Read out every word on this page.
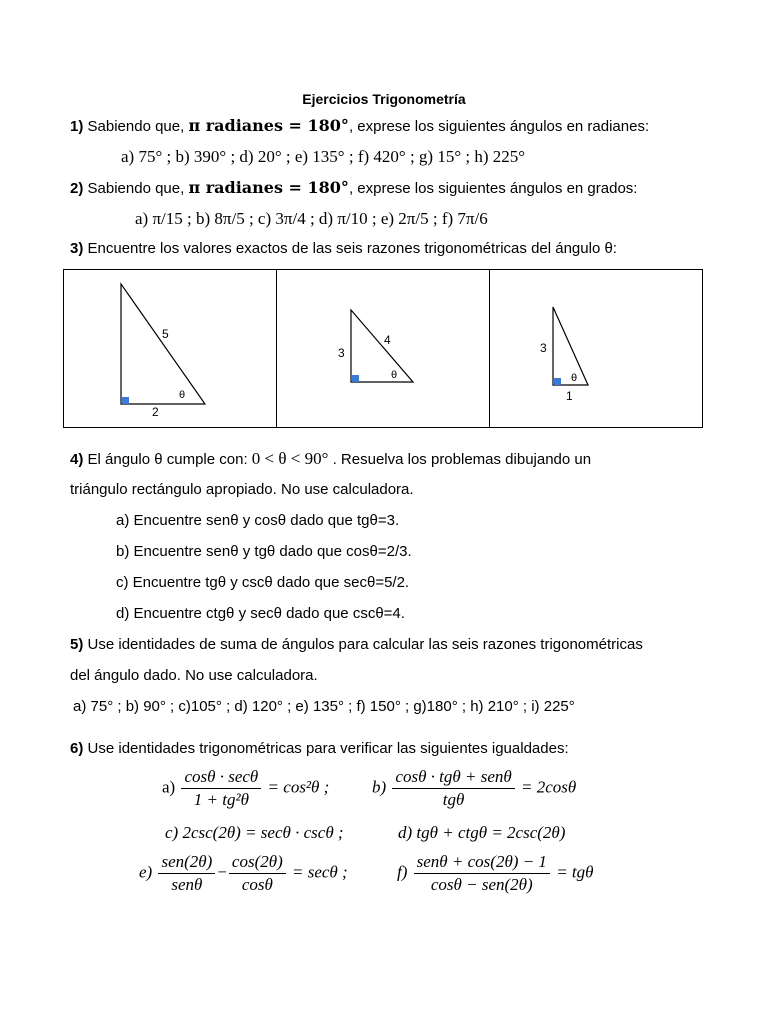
Ejercicios Trigonometría
1) Sabiendo que, π radianes = 180°, exprese los siguientes ángulos en radianes:
a) 75° ; b) 390° ; d) 20° ; e) 135° ; f) 420° ; g) 15° ; h) 225°
2) Sabiendo que, π radianes = 180°, exprese los siguientes ángulos en grados:
a) π/15 ; b) 8π/5 ; c) 3π/4 ; d) π/10 ; e) 2π/5 ; f) 7π/6
3) Encuentre los valores exactos de las seis razones trigonométricas del ángulo θ:
5
2
θ

4
3
θ

3
1
θ
4) El ángulo θ cumple con: 0 < θ < 90° . Resuelva los problemas dibujando un
triángulo rectángulo apropiado. No use calculadora.
a) Encuentre senθ y cosθ dado que tgθ=3.
b) Encuentre senθ y tgθ dado que cosθ=2/3.
c) Encuentre tgθ y cscθ dado que secθ=5/2.
d) Encuentre ctgθ y secθ dado que cscθ=4.
5) Use identidades de suma de ángulos para calcular las seis razones trigonométricas
del ángulo dado. No use calculadora.
a) 75° ; b) 90° ; c)105° ; d) 120° ; e) 135° ; f) 150° ; g)180° ; h) 210° ; i) 225°
6) Use identidades trigonométricas para verificar las siguientes igualdades:
$a) \frac{\cos\theta \cdot \sec\theta}{\text{1 + tg²θ}} = \cos^2\theta$ ;	$b) \frac{\text{cosθ · tgθ + senθ}}{\text{tgθ}} = 2\cos\theta$
c) 2csc(2θ) = secθ · cscθ ;	d) tgθ + ctgθ = 2csc(2θ)
$e) \frac{\text{sen(2θ)}}{\text{senθ}} - \frac{\cos(2\theta)}{\cos\theta} = \sec\theta$ ;	$f) \frac{\text{senθ + cos(2θ) − 1}}{\text{cosθ − sen(2θ)}} = tg\theta$
